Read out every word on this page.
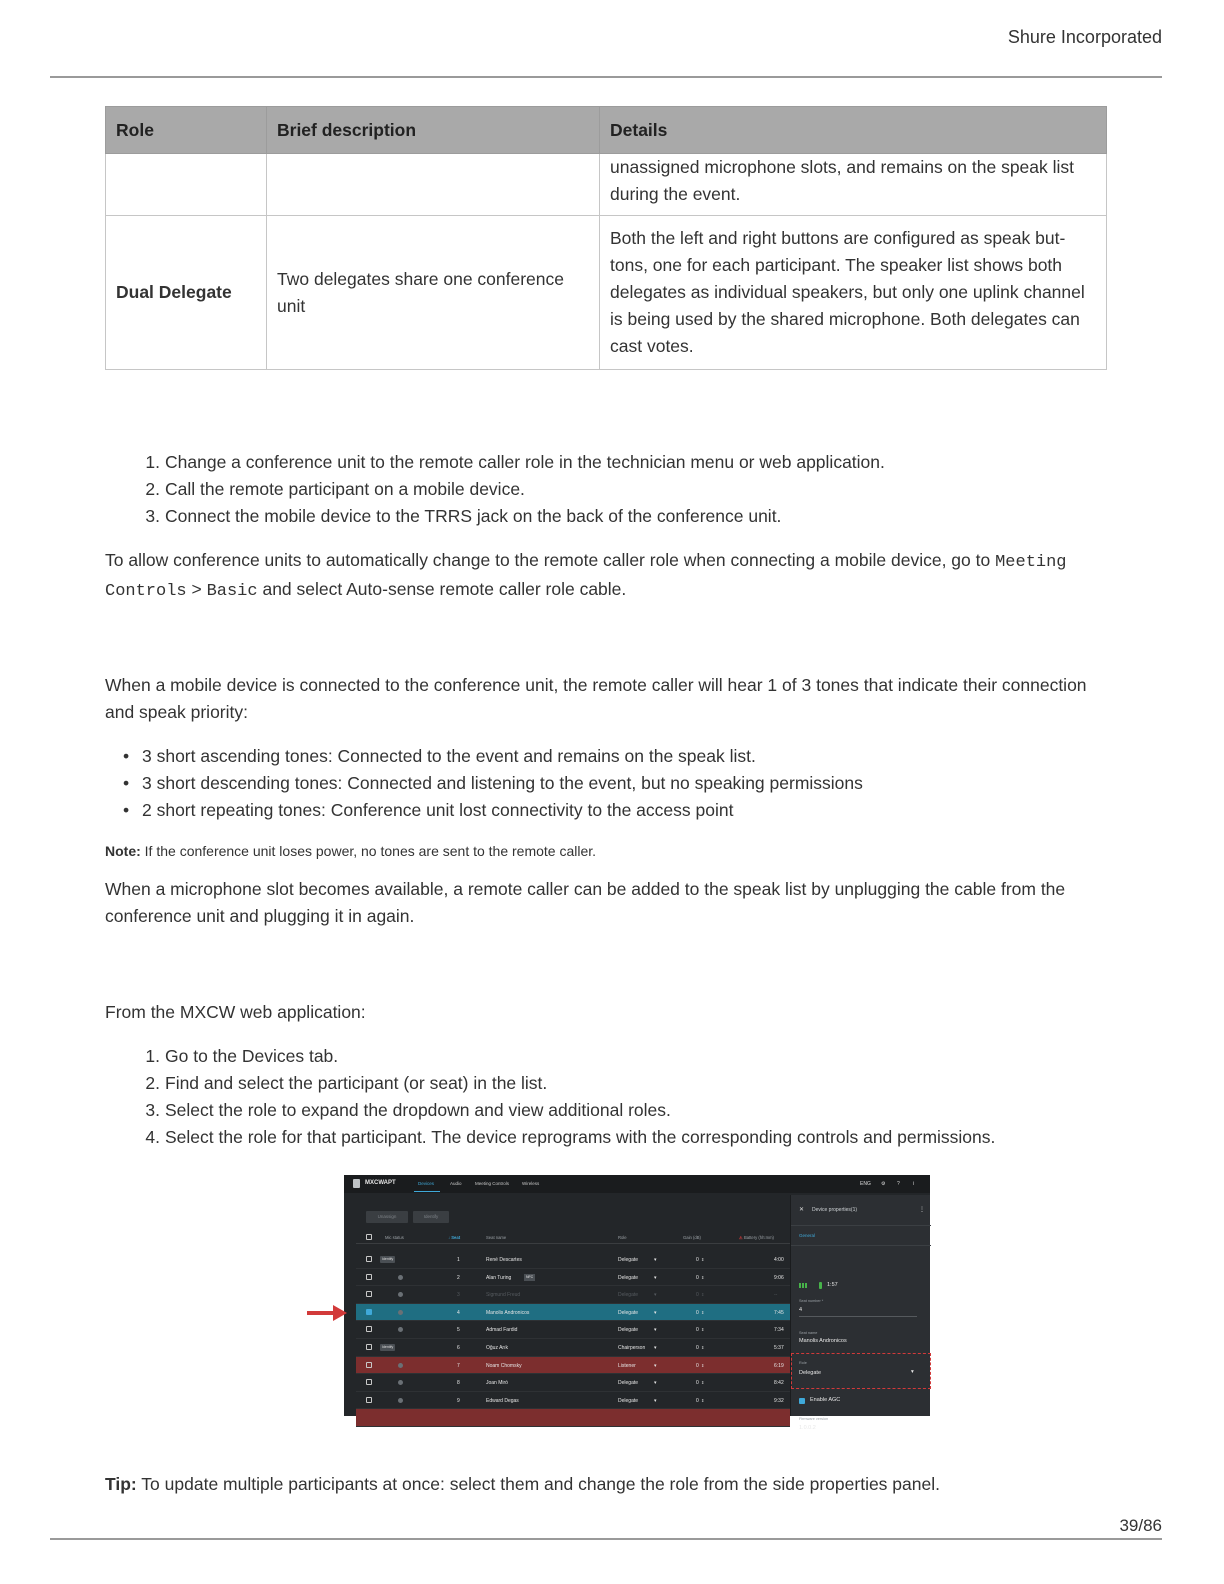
Shure Incorporated
Role	Brief description	Details
		unassigned microphone slots, and remains on the speak list during the event.
Dual Delegate	Two delegates share one conference unit	Both the left and right buttons are configured as speak but-tons, one for each participant. The speaker list shows both delegates as individual speakers, but only one uplink channel is being used by the shared microphone. Both delegates can cast votes.
1. Change a conference unit to the remote caller role in the technician menu or web application.
2. Call the remote participant on a mobile device.
3. Connect the mobile device to the TRRS jack on the back of the conference unit.

To allow conference units to automatically change to the remote caller role when connecting a mobile device, go to Meeting Controls > Basic and select Auto-sense remote caller role cable.

When a mobile device is connected to the conference unit, the remote caller will hear 1 of 3 tones that indicate their connection and speak priority:

• 3 short ascending tones: Connected to the event and remains on the speak list.
• 3 short descending tones: Connected and listening to the event, but no speaking permissions
• 2 short repeating tones: Conference unit lost connectivity to the access point

Note: If the conference unit loses power, no tones are sent to the remote caller.

When a microphone slot becomes available, a remote caller can be added to the speak list by unplugging the cable from the conference unit and plugging it in again.

From the MXCW web application:

1. Go to the Devices tab.
2. Find and select the participant (or seat) in the list.
3. Select the role to expand the dropdown and view additional roles.
4. Select the role for that participant. The device reprograms with the corresponding controls and permissions.
MXCWAPT	Devices	Audio	Meeting Controls	Wireless	ENG ⚙ ?	i
Unassign	Identify
Mic status	↓ Seat	Seat name	Role	Gain (dB)	⚠ Battery (hh:mm)
Identify	1	René Descartes	Delegate	▾	0 ⇕	4:00
2	Alan Turing	NFC	Delegate	▾	0 ⇕	9:06
3	Sigmund Freud	Delegate	▾	0 ⇕	--
4	Manolis Andronicos	Delegate	▾	0 ⇕	7:45
5	Admad Fardid	Delegate	▾	0 ⇕	7:34
Identify	6	Oğuz Arık	Chairperson ▾	0 ⇕	5:37
7	Noam Chomsky	Listener	▾	0 ⇕	6:19
8	Joan Miró	Delegate	▾	0 ⇕	8:42
9	Edward Degas	Delegate	▾	0 ⇕	9:32
✕ Device properties(1)	⋮
General
1:57
Seat number *
4
Seat name
Manolis Andronicos
Role
Delegate	▾
Enable AGC
Firmware version
1.0.0.2

Tip: To update multiple participants at once: select them and change the role from the side properties panel.

39/86
